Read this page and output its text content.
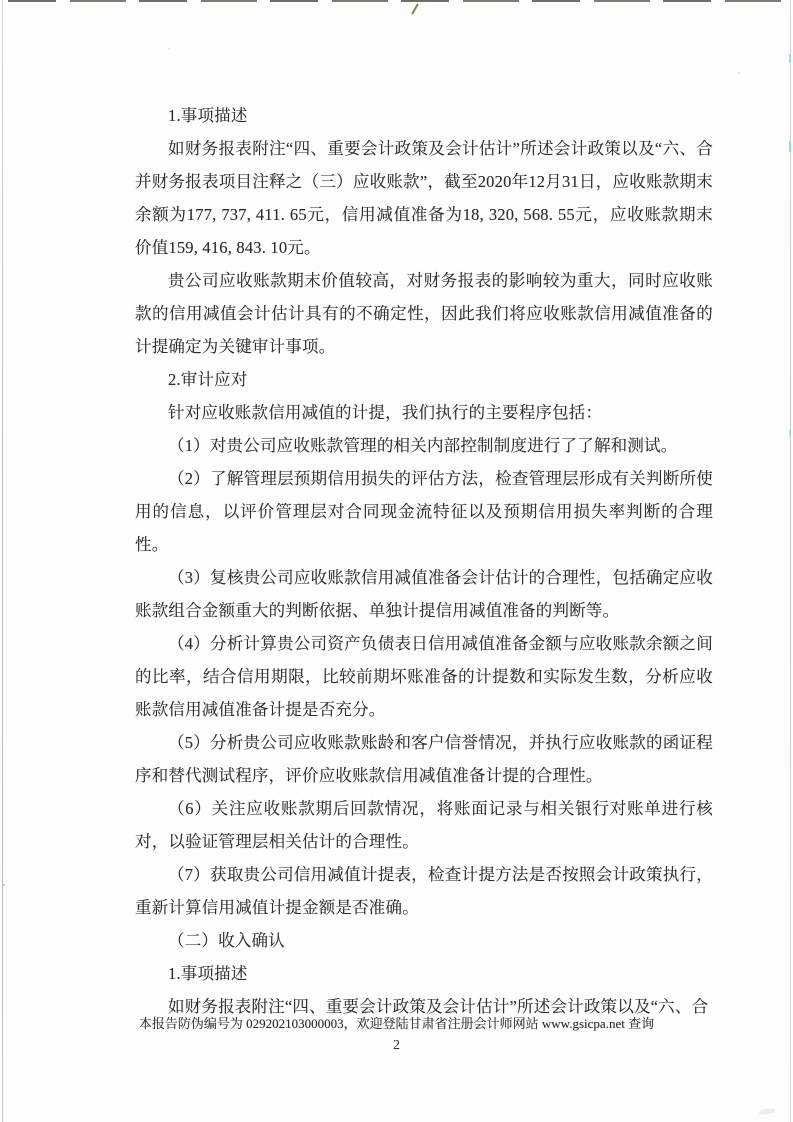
1.事项描述

如财务报表附注“四、重要会计政策及会计估计”所述会计政策以及“六、合并财务报表项目注释之（三）应收账款”，截至2020年12月31日，应收账款期末余额为177, 737, 411. 65元，信用减值准备为18, 320, 568. 55元，应收账款期末价值159, 416, 843. 10元。

贵公司应收账款期末价值较高，对财务报表的影响较为重大，同时应收账款的信用减值会计估计具有的不确定性，因此我们将应收账款信用减值准备的计提确定为关键审计事项。

2.审计应对

针对应收账款信用减值的计提，我们执行的主要程序包括：

（1）对贵公司应收账款管理的相关内部控制制度进行了了解和测试。

（2）了解管理层预期信用损失的评估方法，检查管理层形成有关判断所使用的信息，以评价管理层对合同现金流特征以及预期信用损失率判断的合理性。

（3）复核贵公司应收账款信用减值准备会计估计的合理性，包括确定应收账款组合金额重大的判断依据、单独计提信用减值准备的判断等。

（4）分析计算贵公司资产负债表日信用减值准备金额与应收账款余额之间的比率，结合信用期限，比较前期坏账准备的计提数和实际发生数，分析应收账款信用减值准备计提是否充分。

（5）分析贵公司应收账款账龄和客户信誉情况，并执行应收账款的函证程序和替代测试程序，评价应收账款信用减值准备计提的合理性。

（6）关注应收账款期后回款情况，将账面记录与相关银行对账单进行核对，以验证管理层相关估计的合理性。

（7）获取贵公司信用减值计提表，检查计提方法是否按照会计政策执行，重新计算信用减值计提金额是否准确。

（二）收入确认

1.事项描述

如财务报表附注“四、重要会计政策及会计估计”所述会计政策以及“六、合

本报告防伪编号为 029202103000003，欢迎登陆甘肃省注册会计师网站 www.gsicpa.net 查询
2
